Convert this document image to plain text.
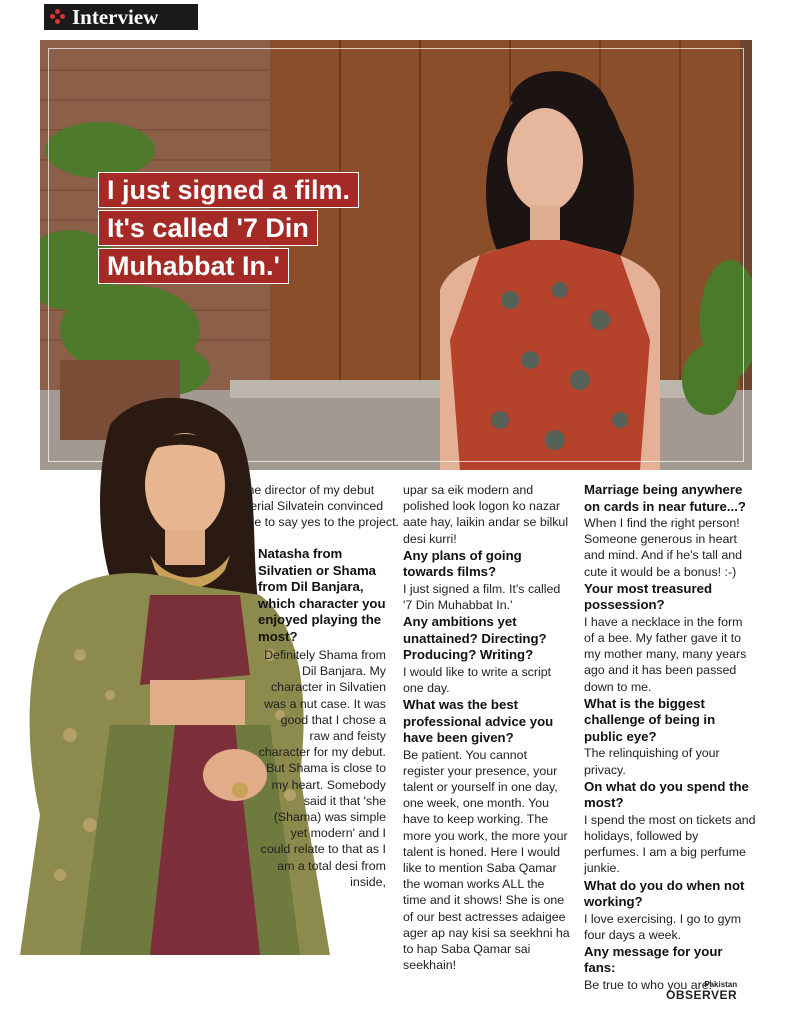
Interview
I just signed a film.
It's called '7 Din
Muhabbat In.'

the director of my debut serial Silvatein convinced me to say yes to the project.

Natasha from Silvatien or Shama from Dil Banjara, which character you enjoyed playing the most?

Definitely Shama from Dil Banjara. My character in Silvatien was a nut case. It was good that I chose a raw and feisty character for my debut. But Shama is close to my heart. Somebody said it that 'she (Shama) was simple yet modern' and I could relate to that as I am a total desi from inside,

upar sa eik modern and polished look logon ko nazar aate hay, laikin andar se bilkul desi kurri!

Any plans of going towards films?

I just signed a film. It's called '7 Din Muhabbat In.'

Any ambitions yet unattained? Directing? Producing? Writing?

I would like to write a script one day.

What was the best professional advice you have been given?

Be patient. You cannot register your presence, your talent or yourself in one day, one week, one month. You have to keep working. The more you work, the more your talent is honed. Here I would like to mention Saba Qamar the woman works ALL the time and it shows! She is one of our best actresses adaigee ager ap nay kisi sa seekhni ha to hap Saba Qamar sai seekhain!

Marriage being anywhere on cards in near future...?

When I find the right person! Someone generous in heart and mind. And if he's tall and cute it would be a bonus! :-)

Your most treasured possession?

I have a necklace in the form of a bee. My father gave it to my mother many, many years ago and it has been passed down to me.

What is the biggest challenge of being in public eye?

The relinquishing of your privacy.

On what do you spend the most?

I spend the most on tickets and holidays, followed by perfumes. I am a big perfume junkie.

What do you do when not working?

I love exercising. I go to gym four days a week.

Any message for your fans:

Be true to who you are!

34 Social Diary 23-29 April, 2017	Pakistan
OBSERVER
